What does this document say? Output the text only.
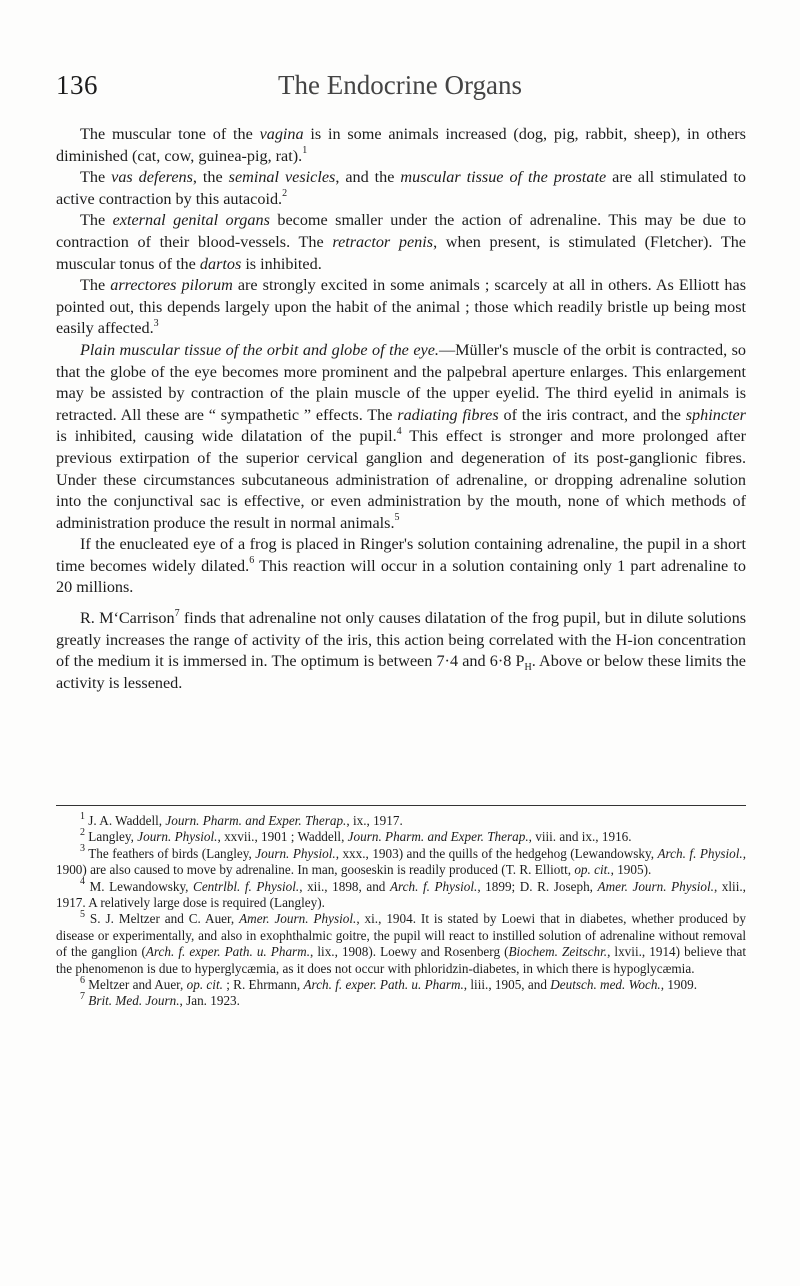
136	The Endocrine Organs

The muscular tone of the vagina is in some animals increased (dog, pig, rabbit, sheep), in others diminished (cat, cow, guinea-pig, rat).$^1$

The vas deferens, the seminal vesicles, and the muscular tissue of the prostate are all stimulated to active contraction by this autacoid.$^2$

The external genital organs become smaller under the action of adrenaline. This may be due to contraction of their blood-vessels. The retractor penis, when present, is stimulated (Fletcher). The muscular tonus of the dartos is inhibited.

The arrectores pilorum are strongly excited in some animals ; scarcely at all in others. As Elliott has pointed out, this depends largely upon the habit of the animal ; those which readily bristle up being most easily affected.$^3$

Plain muscular tissue of the orbit and globe of the eye.—Müller's muscle of the orbit is contracted, so that the globe of the eye becomes more prominent and the palpebral aperture enlarges. This enlargement may be assisted by contraction of the plain muscle of the upper eyelid. The third eyelid in animals is retracted. All these are “ sympathetic ” effects. The radiating fibres of the iris contract, and the sphincter is inhibited, causing wide dilatation of the pupil.$^4$ This effect is stronger and more prolonged after previous extirpation of the superior cervical ganglion and degeneration of its post-ganglionic fibres. Under these circumstances subcutaneous administration of adrenaline, or dropping adrenaline solution into the conjunctival sac is effective, or even administration by the mouth, none of which methods of administration produce the result in normal animals.$^5$

If the enucleated eye of a frog is placed in Ringer's solution containing adrenaline, the pupil in a short time becomes widely dilated.$^6$ This reaction will occur in a solution containing only 1 part adrenaline to 20 millions.

R. M‘Carrison$^7$ finds that adrenaline not only causes dilatation of the frog pupil, but in dilute solutions greatly increases the range of activity of the iris, this action being correlated with the H-ion concentration of the medium it is immersed in. The optimum is between 7·4 and 6·8 $P_H$. Above or below these limits the activity is lessened.

$^1$ J. A. Waddell, Journ. Pharm. and Exper. Therap., ix., 1917.

$^2$ Langley, Journ. Physiol., xxvii., 1901 ; Waddell, Journ. Pharm. and Exper. Therap., viii. and ix., 1916.

$^3$ The feathers of birds (Langley, Journ. Physiol., xxx., 1903) and the quills of the hedgehog (Lewandowsky, Arch. f. Physiol., 1900) are also caused to move by adrenaline. In man, gooseskin is readily produced (T. R. Elliott, op. cit., 1905).

$^4$ M. Lewandowsky, Centrlbl. f. Physiol., xii., 1898, and Arch. f. Physiol., 1899; D. R. Joseph, Amer. Journ. Physiol., xlii., 1917. A relatively large dose is required (Langley).

$^5$ S. J. Meltzer and C. Auer, Amer. Journ. Physiol., xi., 1904. It is stated by Loewi that in diabetes, whether produced by disease or experimentally, and also in exophthalmic goitre, the pupil will react to instilled solution of adrenaline without removal of the ganglion (Arch. f. exper. Path. u. Pharm., lix., 1908). Loewy and Rosenberg (Biochem. Zeitschr., lxvii., 1914) believe that the phenomenon is due to hyperglycæmia, as it does not occur with phloridzin-diabetes, in which there is hypoglycæmia.

$^6$ Meltzer and Auer, op. cit. ; R. Ehrmann, Arch. f. exper. Path. u. Pharm., liii., 1905, and Deutsch. med. Woch., 1909.

$^7$ Brit. Med. Journ., Jan. 1923.
